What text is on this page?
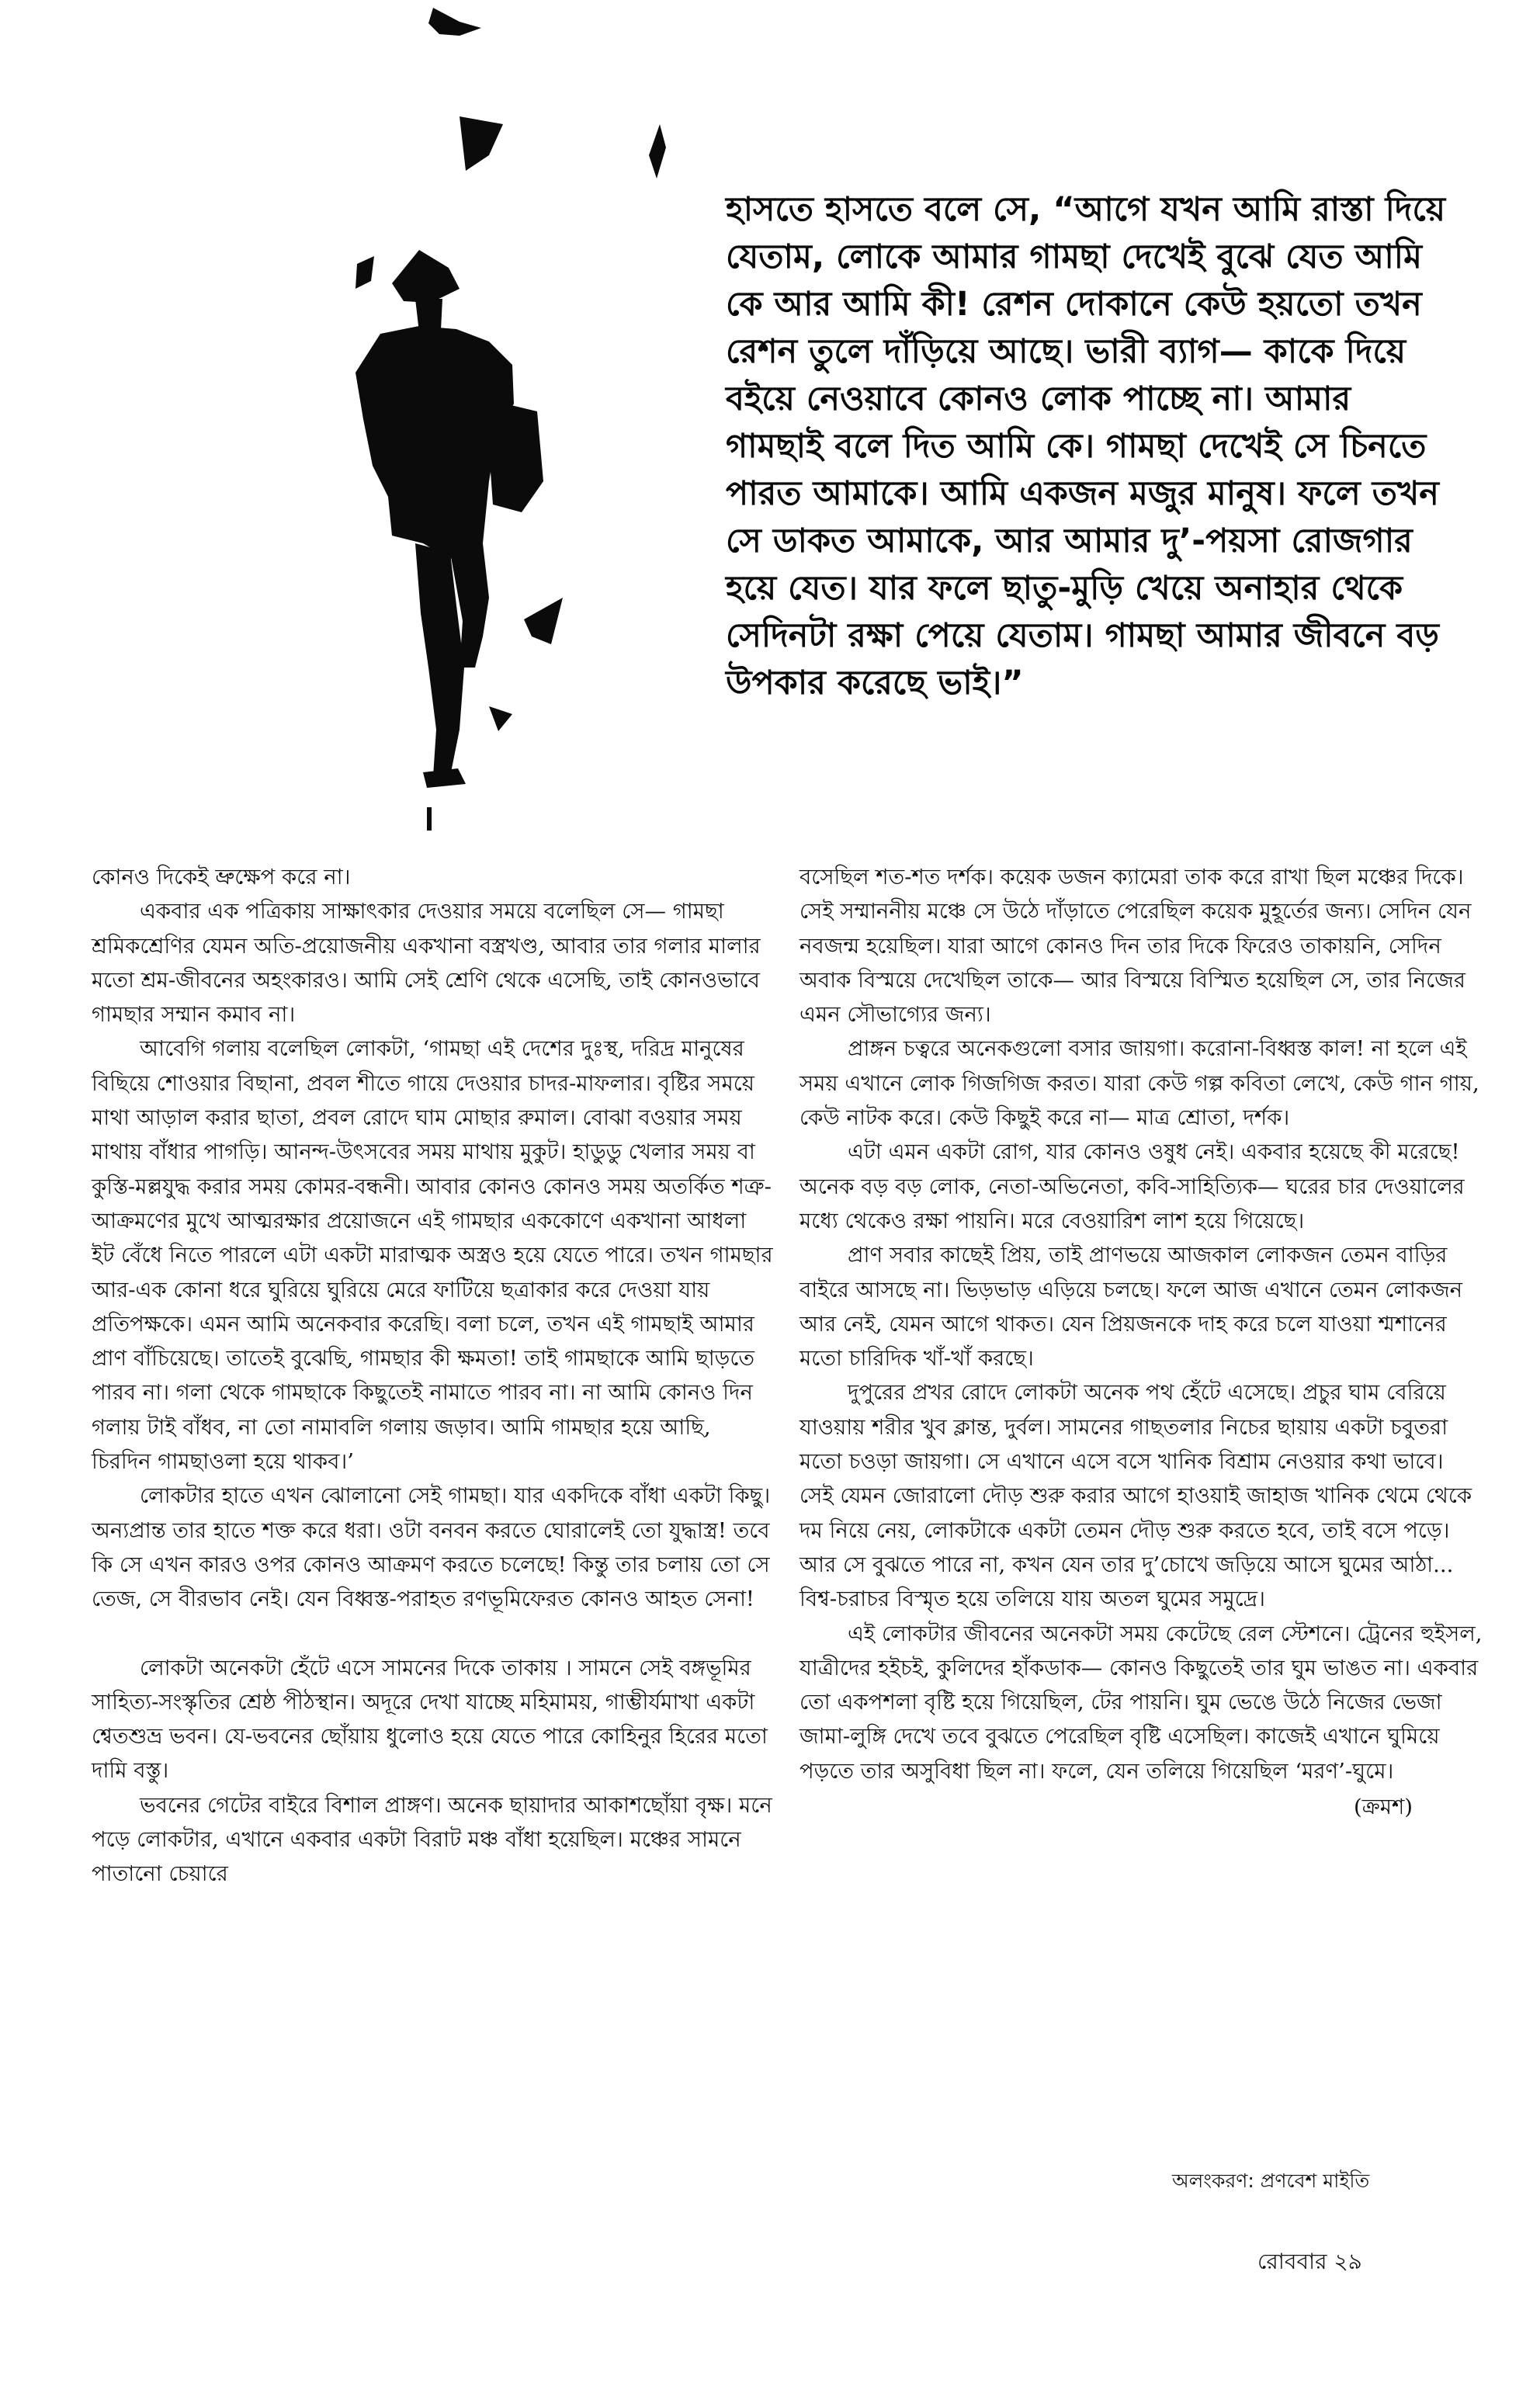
হাসতে হাসতে বলে সে, “আগে যখন আমি রাস্তা দিয়ে যেতাম, লোকে আমার গামছা দেখেই বুঝে যেত আমি কে আর আমি কী! রেশন দোকানে কেউ হয়তো তখন রেশন তুলে দাঁড়িয়ে আছে। ভারী ব্যাগ— কাকে দিয়ে বইয়ে নেওয়াবে কোনও লোক পাচ্ছে না। আমার গামছাই বলে দিত আমি কে। গামছা দেখেই সে চিনতে পারত আমাকে। আমি একজন মজুর মানুষ। ফলে তখন সে ডাকত আমাকে, আর আমার দু’-পয়সা রোজগার হয়ে যেত। যার ফলে ছাতু-মুড়ি খেয়ে অনাহার থেকে সেদিনটা রক্ষা পেয়ে যেতাম। গামছা আমার জীবনে বড় উপকার করেছে ভাই।”

কোনও দিকেই ভ্রুক্ষেপ করে না।

একবার এক পত্রিকায় সাক্ষাৎকার দেওয়ার সময়ে বলেছিল সে— গামছা শ্রমিকশ্রেণির যেমন অতি-প্রয়োজনীয় একখানা বস্ত্রখণ্ড, আবার তার গলার মালার মতো শ্রম-জীবনের অহংকারও। আমি সেই শ্রেণি থেকে এসেছি, তাই কোনওভাবে গামছার সম্মান কমাব না।

আবেগি গলায় বলেছিল লোকটা, ‘গামছা এই দেশের দুঃস্থ, দরিদ্র মানুষের বিছিয়ে শোওয়ার বিছানা, প্রবল শীতে গায়ে দেওয়ার চাদর-মাফলার। বৃষ্টির সময়ে মাথা আড়াল করার ছাতা, প্রবল রোদে ঘাম মোছার রুমাল। বোঝা বওয়ার সময় মাথায় বাঁধার পাগড়ি। আনন্দ-উৎসবের সময় মাথায় মুকুট। হাডুডু খেলার সময় বা কুস্তি-মল্লযুদ্ধ করার সময় কোমর-বন্ধনী। আবার কোনও কোনও সময় অতর্কিত শত্রু-আক্রমণের মুখে আত্মরক্ষার প্রয়োজনে এই গামছার এককোণে একখানা আধলা ইট বেঁধে নিতে পারলে এটা একটা মারাত্মক অস্ত্রও হয়ে যেতে পারে। তখন গামছার আর-এক কোনা ধরে ঘুরিয়ে ঘুরিয়ে মেরে ফাটিয়ে ছত্রাকার করে দেওয়া যায় প্রতিপক্ষকে। এমন আমি অনেকবার করেছি। বলা চলে, তখন এই গামছাই আমার প্রাণ বাঁচিয়েছে। তাতেই বুঝেছি, গামছার কী ক্ষমতা! তাই গামছাকে আমি ছাড়তে পারব না। গলা থেকে গামছাকে কিছুতেই নামাতে পারব না। না আমি কোনও দিন গলায় টাই বাঁধব, না তো নামাবলি গলায় জড়াব। আমি গামছার হয়ে আছি, চিরদিন গামছাওলা হয়ে থাকব।’

লোকটার হাতে এখন ঝোলানো সেই গামছা। যার একদিকে বাঁধা একটা কিছু। অন্যপ্রান্ত তার হাতে শক্ত করে ধরা। ওটা বনবন করতে ঘোরালেই তো যুদ্ধাস্ত্র! তবে কি সে এখন কারও ওপর কোনও আক্রমণ করতে চলেছে! কিন্তু তার চলায় তো সে তেজ, সে বীরভাব নেই। যেন বিধ্বস্ত-পরাহত রণভূমিফেরত কোনও আহত সেনা!

লোকটা অনেকটা হেঁটে এসে সামনের দিকে তাকায় । সামনে সেই বঙ্গভূমির সাহিত্য-সংস্কৃতির শ্রেষ্ঠ পীঠস্থান। অদূরে দেখা যাচ্ছে মহিমাময়, গাম্ভীর্যমাখা একটা শ্বেতশুভ্র ভবন। যে-ভবনের ছোঁয়ায় ধুলোও হয়ে যেতে পারে কোহিনুর হিরের মতো দামি বস্তু।

ভবনের গেটের বাইরে বিশাল প্রাঙ্গণ। অনেক ছায়াদার আকাশছোঁয়া বৃক্ষ। মনে পড়ে লোকটার, এখানে একবার একটা বিরাট মঞ্চ বাঁধা হয়েছিল। মঞ্চের সামনে পাতানো চেয়ারে

বসেছিল শত-শত দর্শক। কয়েক ডজন ক্যামেরা তাক করে রাখা ছিল মঞ্চের দিকে। সেই সম্মাননীয় মঞ্চে সে উঠে দাঁড়াতে পেরেছিল কয়েক মুহূর্তের জন্য। সেদিন যেন নবজন্ম হয়েছিল। যারা আগে কোনও দিন তার দিকে ফিরেও তাকায়নি, সেদিন অবাক বিস্ময়ে দেখেছিল তাকে— আর বিস্ময়ে বিস্মিত হয়েছিল সে, তার নিজের এমন সৌভাগ্যের জন্য।

প্রাঙ্গন চত্বরে অনেকগুলো বসার জায়গা। করোনা-বিধ্বস্ত কাল! না হলে এই সময় এখানে লোক গিজগিজ করত। যারা কেউ গল্প কবিতা লেখে, কেউ গান গায়, কেউ নাটক করে। কেউ কিছুই করে না— মাত্র শ্রোতা, দর্শক।

এটা এমন একটা রোগ, যার কোনও ওষুধ নেই। একবার হয়েছে কী মরেছে! অনেক বড় বড় লোক, নেতা-অভিনেতা, কবি-সাহিত্যিক— ঘরের চার দেওয়ালের মধ্যে থেকেও রক্ষা পায়নি। মরে বেওয়ারিশ লাশ হয়ে গিয়েছে।

প্রাণ সবার কাছেই প্রিয়, তাই প্রাণভয়ে আজকাল লোকজন তেমন বাড়ির বাইরে আসছে না। ভিড়ভাড় এড়িয়ে চলছে। ফলে আজ এখানে তেমন লোকজন আর নেই, যেমন আগে থাকত। যেন প্রিয়জনকে দাহ করে চলে যাওয়া শ্মশানের মতো চারিদিক খাঁ-খাঁ করছে।

দুপুরের প্রখর রোদে লোকটা অনেক পথ হেঁটে এসেছে। প্রচুর ঘাম বেরিয়ে যাওয়ায় শরীর খুব ক্লান্ত, দুর্বল। সামনের গাছতলার নিচের ছায়ায় একটা চবুতরা মতো চওড়া জায়গা। সে এখানে এসে বসে খানিক বিশ্রাম নেওয়ার কথা ভাবে। সেই যেমন জোরালো দৌড় শুরু করার আগে হাওয়াই জাহাজ খানিক থেমে থেকে দম নিয়ে নেয়, লোকটাকে একটা তেমন দৌড় শুরু করতে হবে, তাই বসে পড়ে। আর সে বুঝতে পারে না, কখন যেন তার দু’চোখে জড়িয়ে আসে ঘুমের আঠা... বিশ্ব-চরাচর বিস্মৃত হয়ে তলিয়ে যায় অতল ঘুমের সমুদ্রে।

এই লোকটার জীবনের অনেকটা সময় কেটেছে রেল স্টেশনে। ট্রেনের হুইসল, যাত্রীদের হইচই, কুলিদের হাঁকডাক— কোনও কিছুতেই তার ঘুম ভাঙত না। একবার তো একপশলা বৃষ্টি হয়ে গিয়েছিল, টের পায়নি। ঘুম ভেঙে উঠে নিজের ভেজা জামা-লুঙ্গি দেখে তবে বুঝতে পেরেছিল বৃষ্টি এসেছিল। কাজেই এখানে ঘুমিয়ে পড়তে তার অসুবিধা ছিল না। ফলে, যেন তলিয়ে গিয়েছিল ‘মরণ’-ঘুমে।

(ক্রমশ)

অলংকরণ: প্রণবেশ মাইতি
রোববার ২৯
